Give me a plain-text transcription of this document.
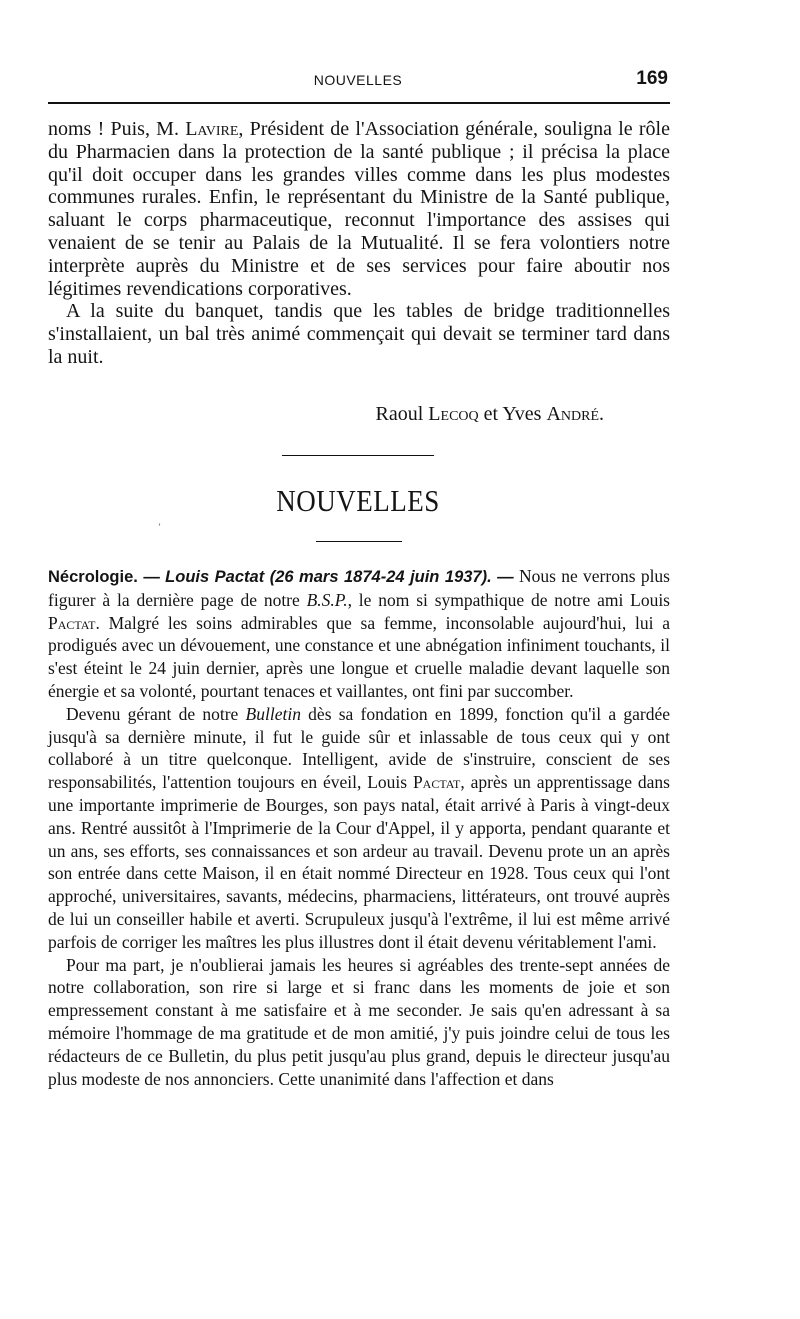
NOUVELLES	169

noms ! Puis, M. Lavire, Président de l'Association générale, souligna le rôle du Pharmacien dans la protection de la santé publique ; il précisa la place qu'il doit occuper dans les grandes villes comme dans les plus modestes communes rurales. Enfin, le représentant du Ministre de la Santé publique, saluant le corps pharmaceutique, reconnut l'importance des assises qui venaient de se tenir au Palais de la Mutualité. Il se fera volontiers notre interprète auprès du Ministre et de ses services pour faire aboutir nos légitimes revendications corporatives.

A la suite du banquet, tandis que les tables de bridge traditionnelles s'installaient, un bal très animé commençait qui devait se terminer tard dans la nuit.

Raoul Lecoq et Yves André.
NOUVELLES
ʼ

Nécrologie. — Louis Pactat (26 mars 1874-24 juin 1937). — Nous ne verrons plus figurer à la dernière page de notre B.S.P., le nom si sympathique de notre ami Louis Pactat. Malgré les soins admirables que sa femme, inconsolable aujourd'hui, lui a prodigués avec un dévouement, une constance et une abnégation infiniment touchants, il s'est éteint le 24 juin dernier, après une longue et cruelle maladie devant laquelle son énergie et sa volonté, pourtant tenaces et vaillantes, ont fini par succomber.

Devenu gérant de notre Bulletin dès sa fondation en 1899, fonction qu'il a gardée jusqu'à sa dernière minute, il fut le guide sûr et inlassable de tous ceux qui y ont collaboré à un titre quelconque. Intelligent, avide de s'instruire, conscient de ses responsabilités, l'attention toujours en éveil, Louis Pactat, après un apprentissage dans une importante imprimerie de Bourges, son pays natal, était arrivé à Paris à vingt-deux ans. Rentré aussitôt à l'Imprimerie de la Cour d'Appel, il y apporta, pendant quarante et un ans, ses efforts, ses connaissances et son ardeur au travail. Devenu prote un an après son entrée dans cette Maison, il en était nommé Directeur en 1928. Tous ceux qui l'ont approché, universitaires, savants, médecins, pharmaciens, littérateurs, ont trouvé auprès de lui un conseiller habile et averti. Scrupuleux jusqu'à l'extrême, il lui est même arrivé parfois de corriger les maîtres les plus illustres dont il était devenu véritablement l'ami.

Pour ma part, je n'oublierai jamais les heures si agréables des trente-sept années de notre collaboration, son rire si large et si franc dans les moments de joie et son empressement constant à me satisfaire et à me seconder. Je sais qu'en adressant à sa mémoire l'hommage de ma gratitude et de mon amitié, j'y puis joindre celui de tous les rédacteurs de ce Bulletin, du plus petit jusqu'au plus grand, depuis le directeur jusqu'au plus modeste de nos annonciers. Cette unanimité dans l'affection et dans
